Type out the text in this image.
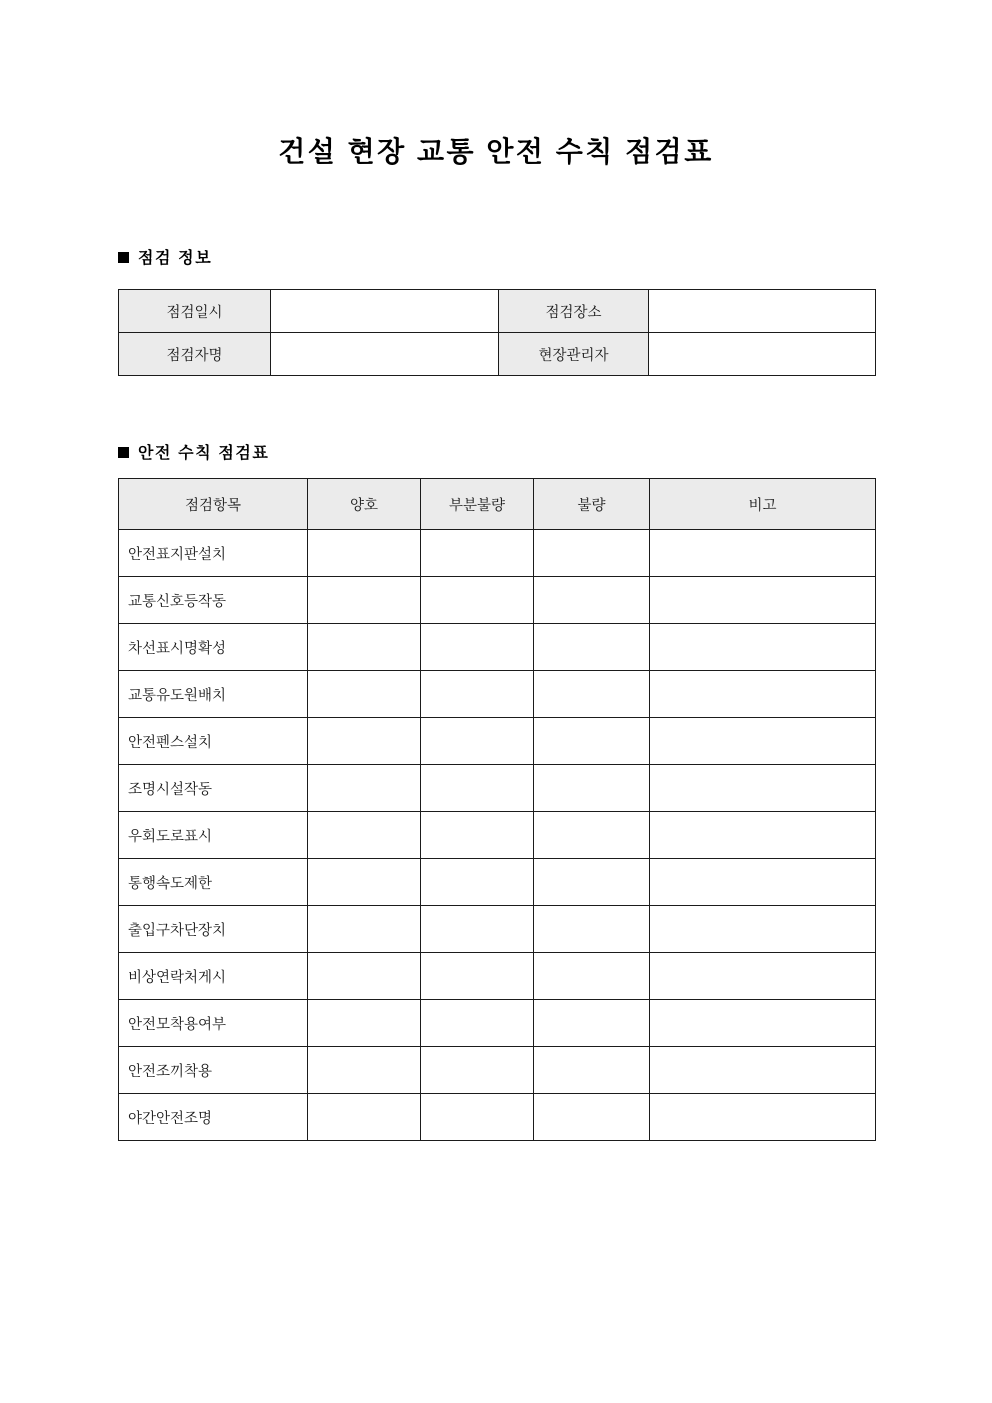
건설 현장 교통 안전 수칙 점검표
점검 정보
점검일시		점검장소	
점검자명		현장관리자	
안전 수칙 점검표
점검항목	양호	부분불량	불량	비고
안전표지판설치				
교통신호등작동				
차선표시명확성				
교통유도원배치				
안전펜스설치				
조명시설작동				
우회도로표시				
통행속도제한				
출입구차단장치				
비상연락처게시				
안전모착용여부				
안전조끼착용				
야간안전조명				
